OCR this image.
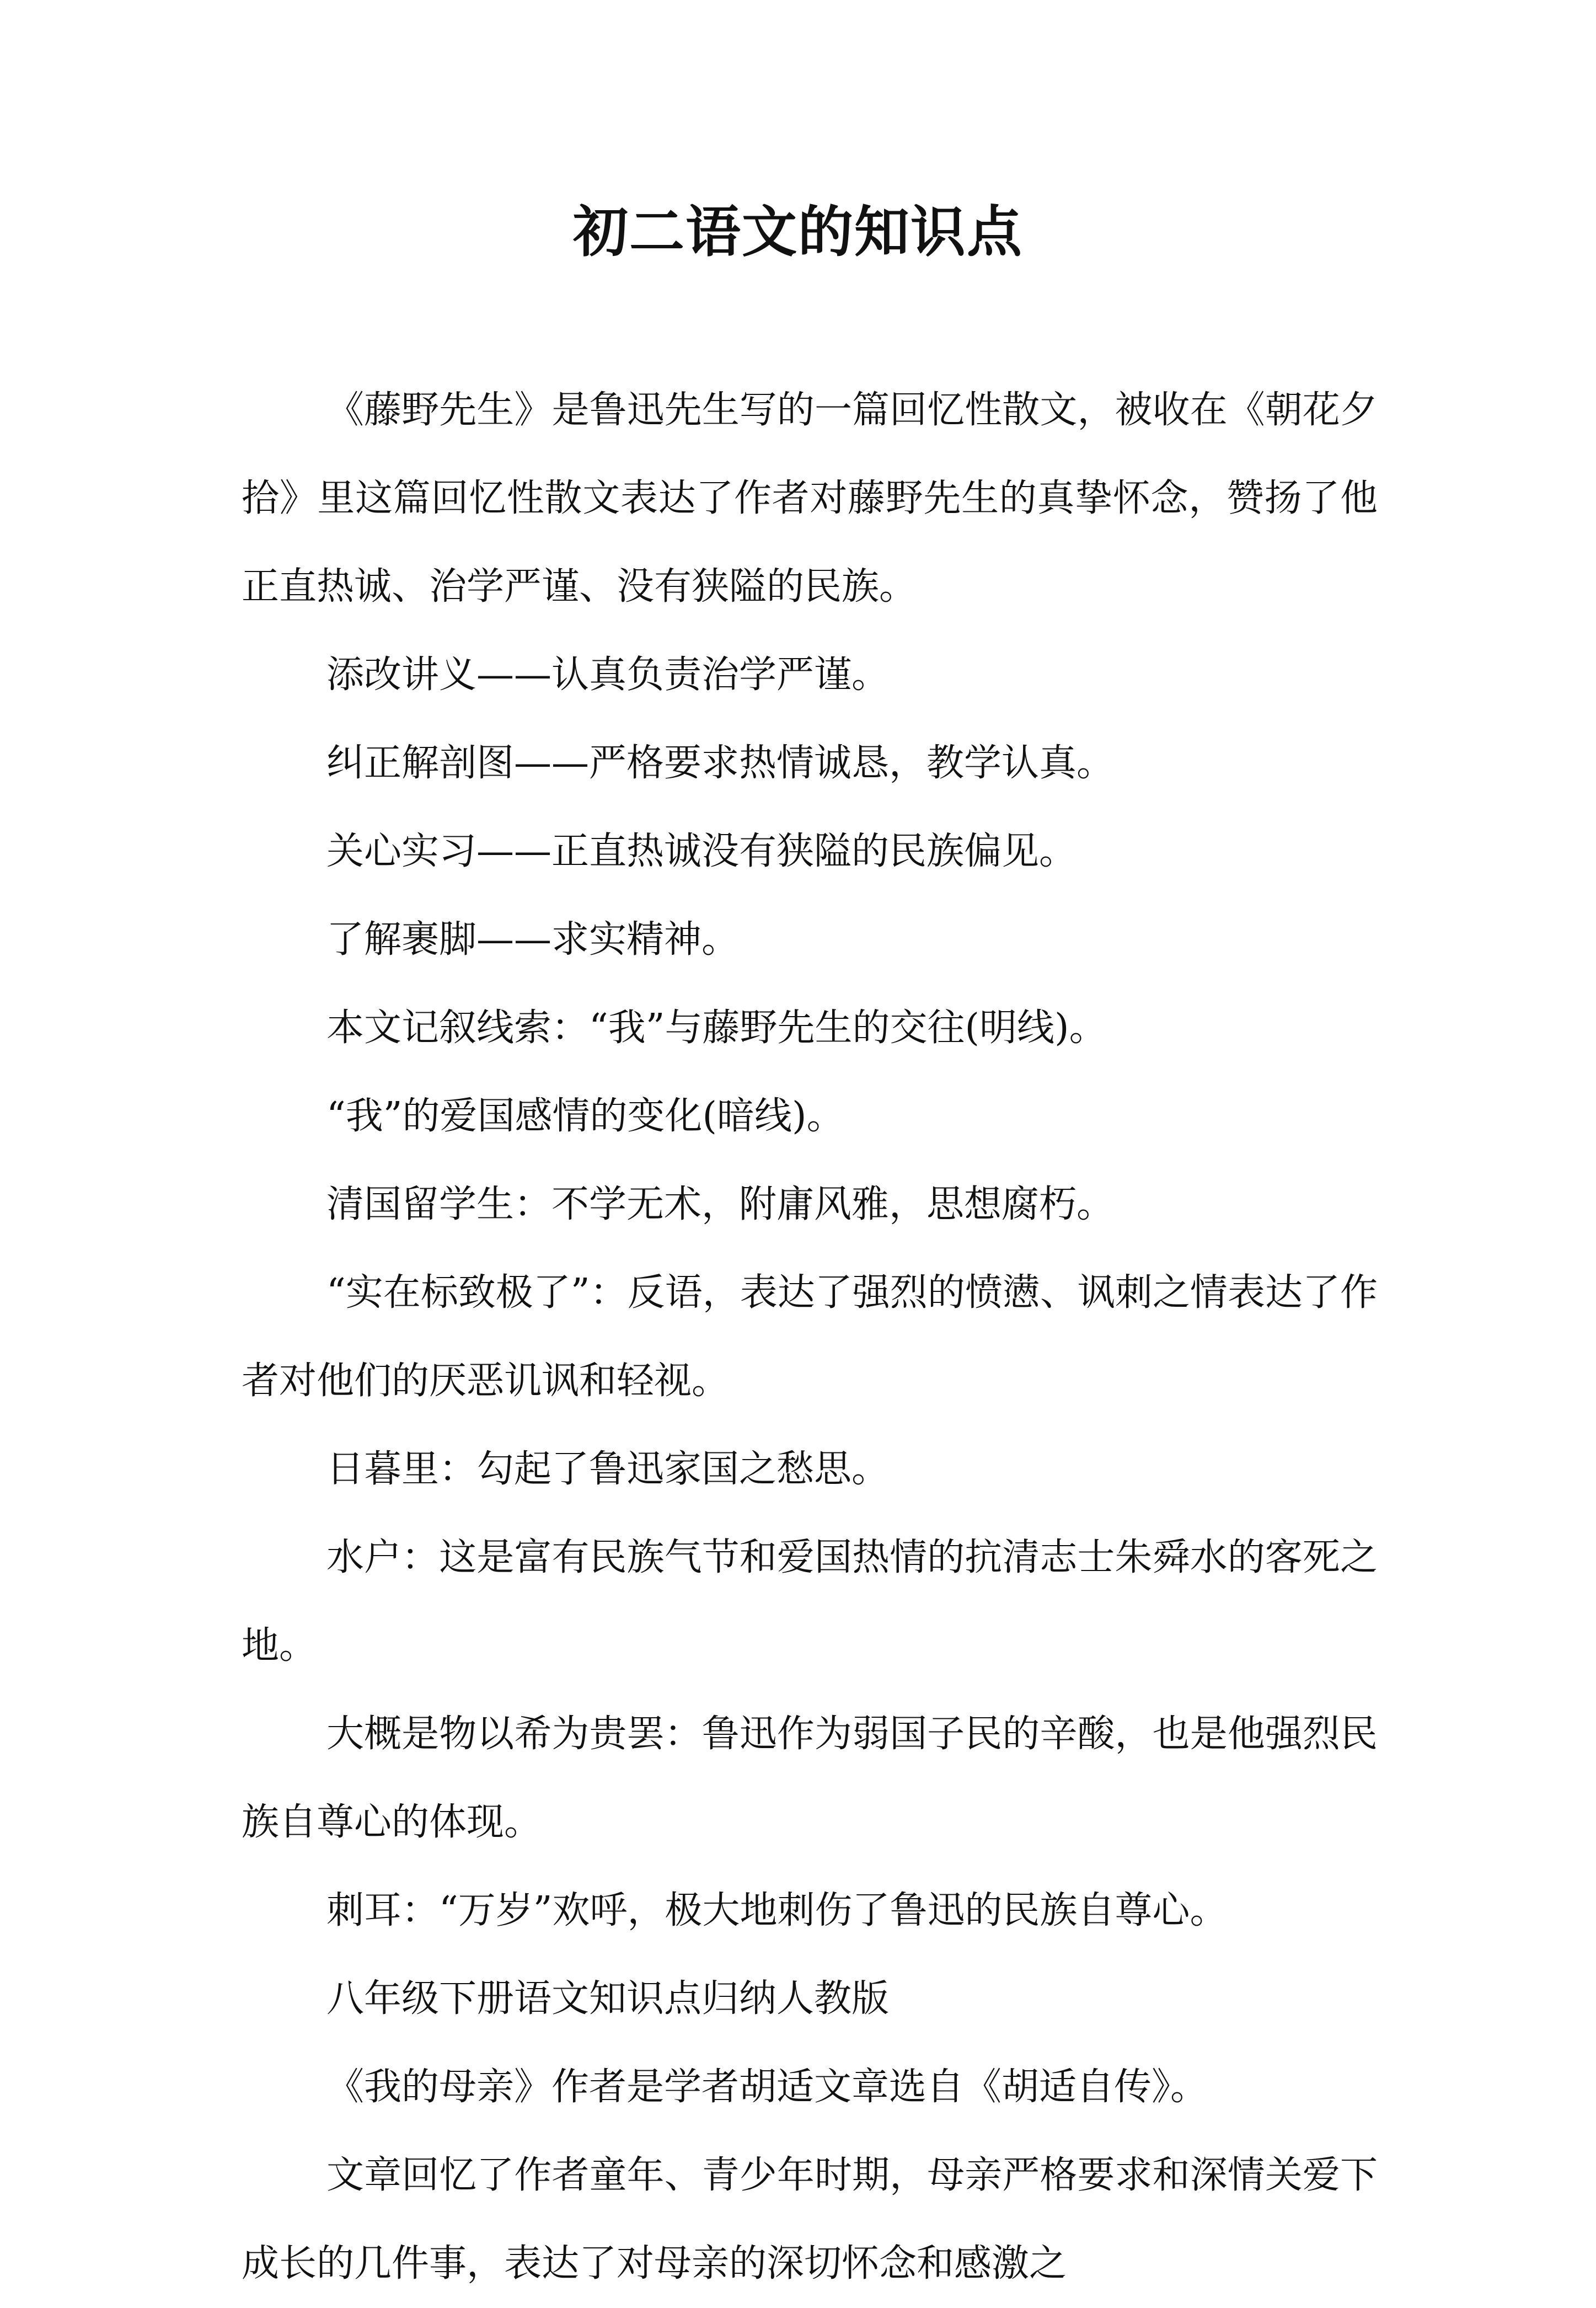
初二语文的知识点

《藤野先生》是鲁迅先生写的一篇回忆性散文，被收在《朝花夕拾》里这篇回忆性散文表达了作者对藤野先生的真挚怀念，赞扬了他正直热诚、治学严谨、没有狭隘的民族。

添改讲义——认真负责治学严谨。

纠正解剖图——严格要求热情诚恳，教学认真。

关心实习——正直热诚没有狭隘的民族偏见。

了解裹脚——求实精神。

本文记叙线索：“我”与藤野先生的交往(明线)。

“我”的爱国感情的变化(暗线)。

清国留学生：不学无术，附庸风雅，思想腐朽。

“实在标致极了”：反语，表达了强烈的愤懑、讽刺之情表达了作者对他们的厌恶讥讽和轻视。

日暮里：勾起了鲁迅家国之愁思。

水户：这是富有民族气节和爱国热情的抗清志士朱舜水的客死之地。

大概是物以希为贵罢：鲁迅作为弱国子民的辛酸，也是他强烈民族自尊心的体现。

刺耳：“万岁”欢呼，极大地刺伤了鲁迅的民族自尊心。

八年级下册语文知识点归纳人教版

《我的母亲》作者是学者胡适文章选自《胡适自传》。

文章回忆了作者童年、青少年时期，母亲严格要求和深情关爱下成长的几件事，表达了对母亲的深切怀念和感激之
